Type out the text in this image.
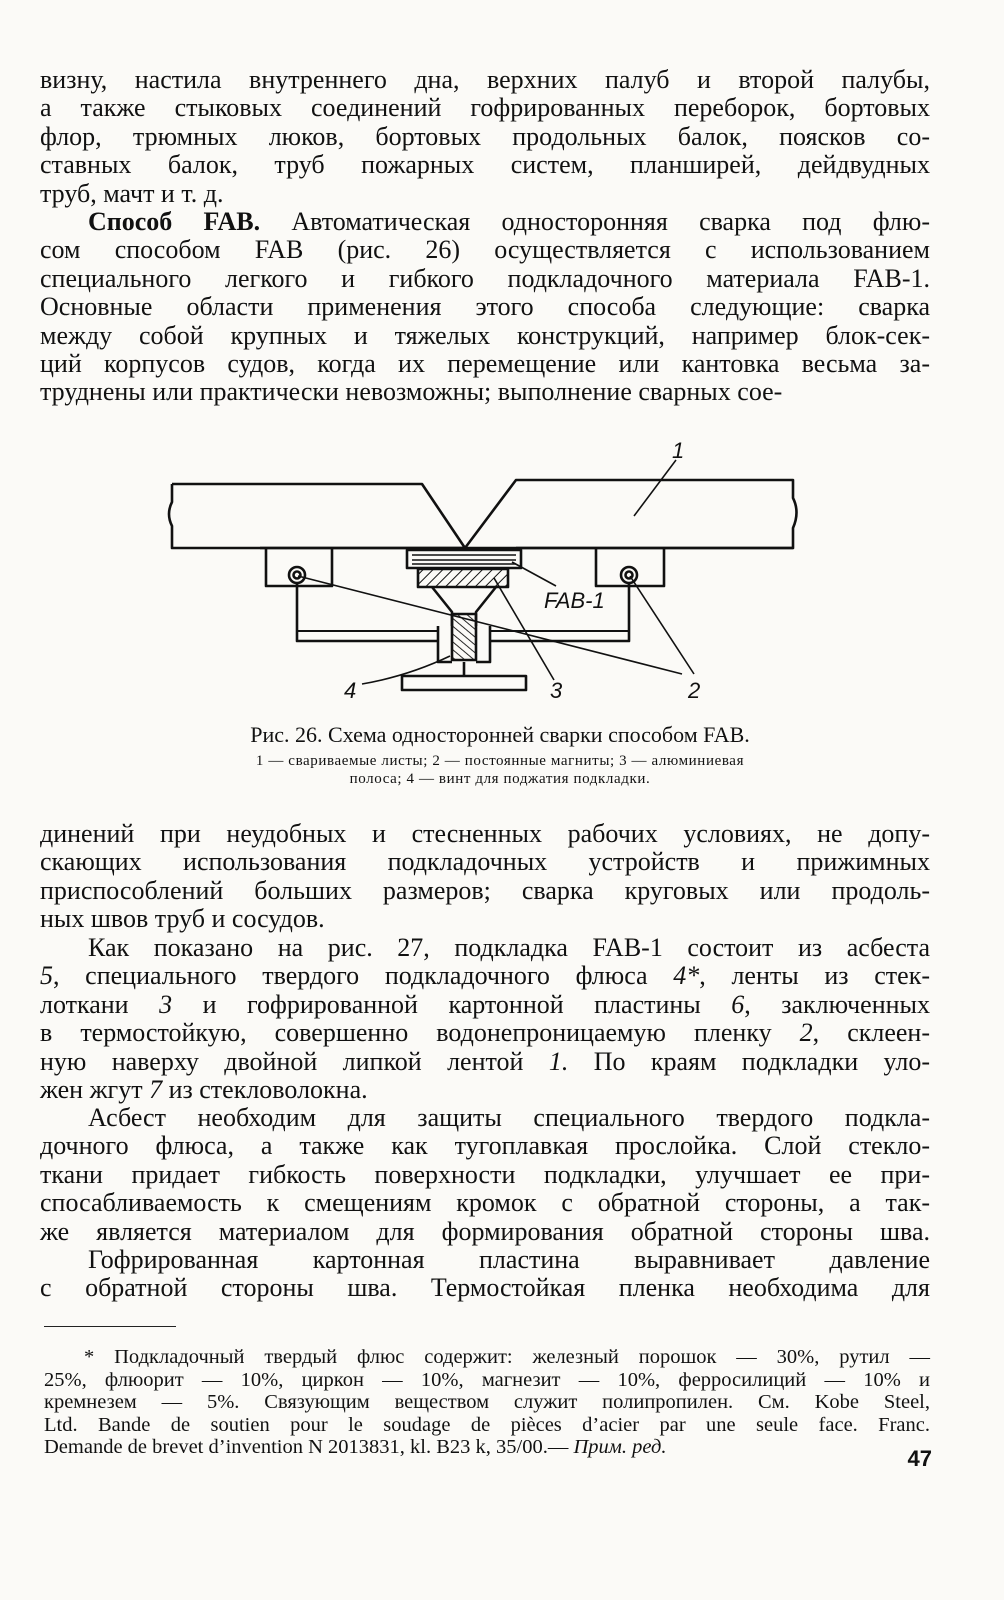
визну, настила внутреннего дна, верхних палуб и второй палубы,
а также стыковых соединений гофрированных переборок, бортовых
флор, трюмных люков, бортовых продольных балок, поясков со-
ставных балок, труб пожарных систем, планширей, дейдвудных
труб, мачт и т. д.
Способ FAB. Автоматическая односторонняя сварка под флю-
сом способом FAB (рис. 26) осуществляется с использованием
специального легкого и гибкого подкладочного материала FAB-1.
Основные области применения этого способа следующие: сварка
между собой крупных и тяжелых конструкций, например блок-сек-
ций корпусов судов, когда их перемещение или кантовка весьма за-
труднены или практически невозможны; выполнение сварных сое-
1
FAB-1
2
3
4

Рис. 26. Схема односторонней сварки способом FAB.

1 — свариваемые листы; 2 — постоянные магниты; 3 — алюминиевая
полоса; 4 — винт для поджатия подкладки.
динений при неудобных и стесненных рабочих условиях, не допу-
скающих использования подкладочных устройств и прижимных
приспособлений больших размеров; сварка круговых или продоль-
ных швов труб и сосудов.
Как показано на рис. 27, подкладка FAB-1 состоит из асбеста
5, специального твердого подкладочного флюса 4*, ленты из стек-
лоткани 3 и гофрированной картонной пластины 6, заключенных
в термостойкую, совершенно водонепроницаемую пленку 2, склеен-
ную наверху двойной липкой лентой 1. По краям подкладки уло-
жен жгут 7 из стекловолокна.
Асбест необходим для защиты специального твердого подкла-
дочного флюса, а также как тугоплавкая прослойка. Слой стекло-
ткани придает гибкость поверхности подкладки, улучшает ее при-
спосабливаемость к смещениям кромок с обратной стороны, а так-
же является материалом для формирования обратной стороны шва.
Гофрированная картонная пластина выравнивает давление
с обратной стороны шва. Термостойкая пленка необходима для
* Подкладочный твердый флюс содержит: железный порошок — 30%, рутил —
25%, флюорит — 10%, циркон — 10%, магнезит — 10%, ферросилиций — 10% и
кремнезем — 5%. Связующим веществом служит полипропилен. См. Kobe Steel,
Ltd. Bande de soutien pour le soudage de pièces d’acier par une seule face. Franc.
Demande de brevet d’invention N 2013831, kl. B23 k, 35/00.— Прим. ред.	47
